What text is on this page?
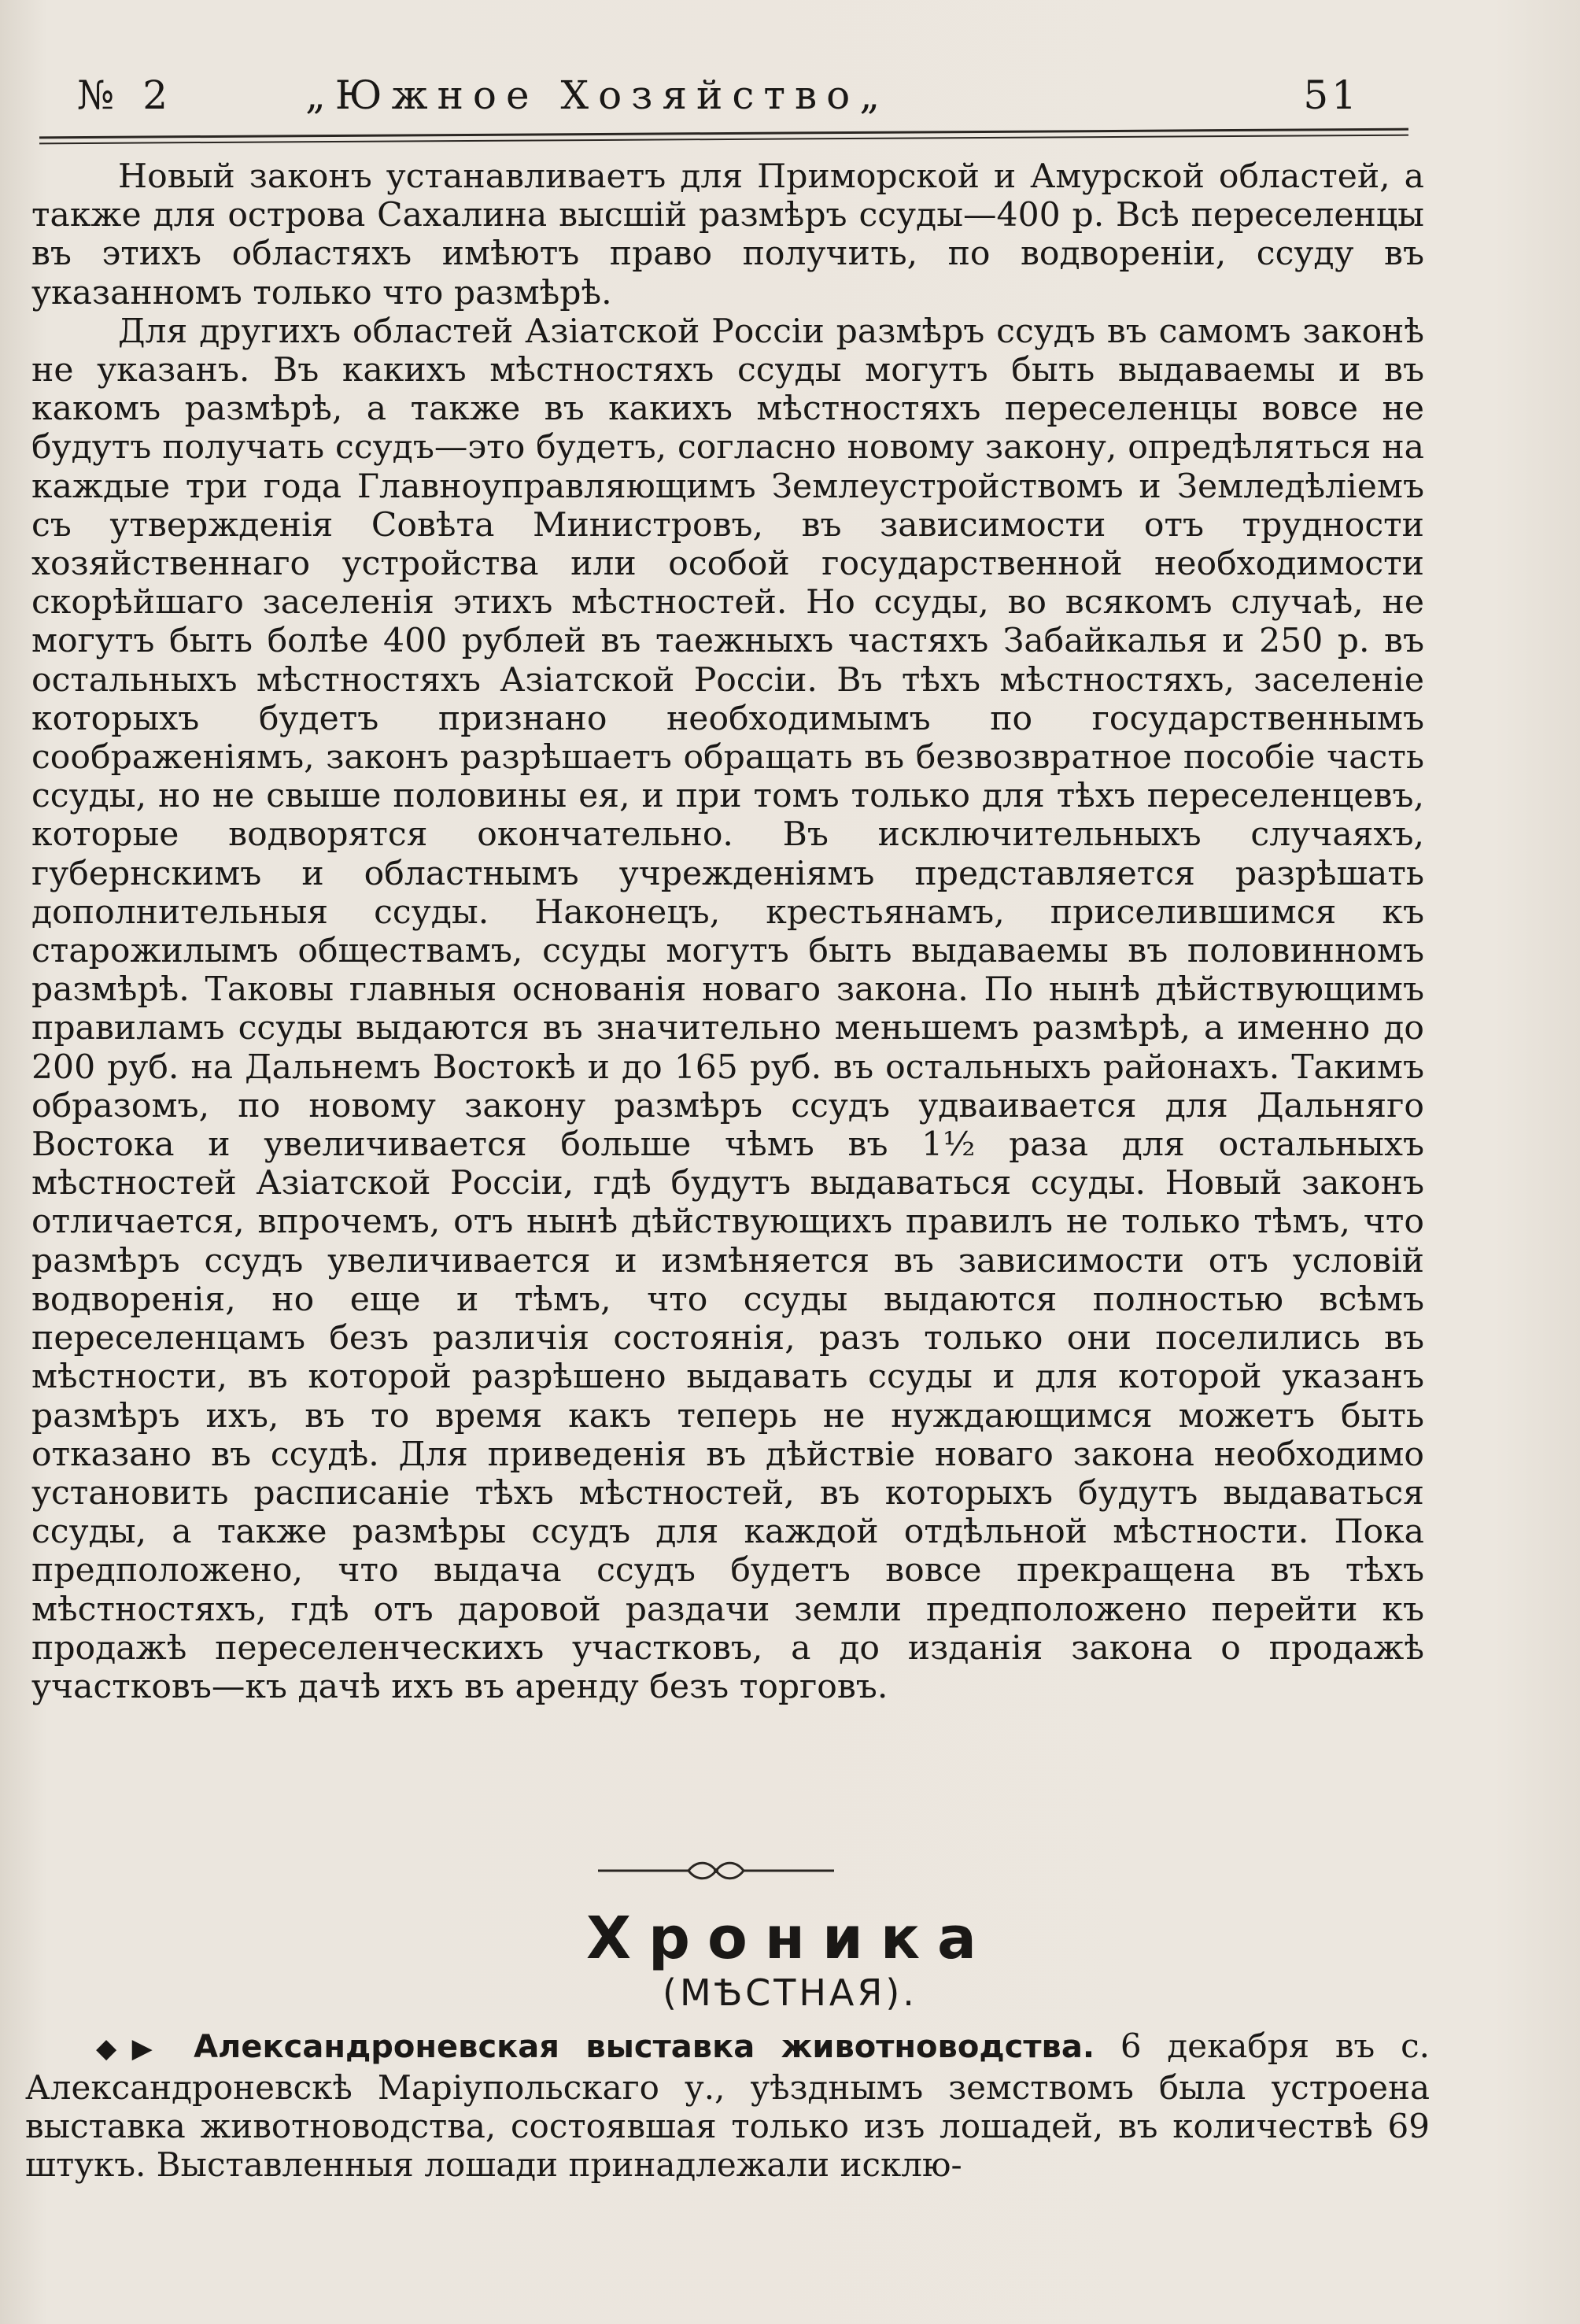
№ 2	„Южное Хозяйство„	51

Новый законъ устанавливаетъ для Приморской и Амурской областей, а также для острова Сахалина высшій размѣръ ссуды—400 р. Всѣ переселенцы въ этихъ областяхъ имѣютъ право получить, по водвореніи, ссуду въ указанномъ только что размѣрѣ.

Для другихъ областей Азіатской Россіи размѣръ ссудъ въ самомъ законѣ не указанъ. Въ какихъ мѣстностяхъ ссуды могутъ быть выдаваемы и въ какомъ размѣрѣ, а также въ какихъ мѣстностяхъ переселенцы вовсе не будутъ получать ссудъ—это будетъ, согласно новому закону, опредѣляться на каждые три года Главноуправляющимъ Землеустройствомъ и Земледѣліемъ съ утвержденія Совѣта Министровъ, въ зависимости отъ трудности хозяйственнаго устройства или особой государственной необходимости скорѣйшаго заселенія этихъ мѣстностей. Но ссуды, во всякомъ случаѣ, не могутъ быть болѣе 400 рублей въ таежныхъ частяхъ Забайкалья и 250 р. въ остальныхъ мѣстностяхъ Азіатской Россіи. Въ тѣхъ мѣстностяхъ, заселеніе которыхъ будетъ признано необходимымъ по государственнымъ соображеніямъ, законъ разрѣшаетъ обращать въ безвозвратное пособіе часть ссуды, но не свыше половины ея, и при томъ только для тѣхъ переселенцевъ, которые водворятся окончательно. Въ исключительныхъ случаяхъ, губернскимъ и областнымъ учрежденіямъ представляется разрѣшать дополнительныя ссуды. Наконецъ, крестьянамъ, приселившимся къ старожилымъ обществамъ, ссуды могутъ быть выдаваемы въ половинномъ размѣрѣ. Таковы главныя основанія новаго закона. По нынѣ дѣйствующимъ правиламъ ссуды выдаются въ значительно меньшемъ размѣрѣ, а именно до 200 руб. на Дальнемъ Востокѣ и до 165 руб. въ остальныхъ районахъ. Такимъ образомъ, по новому закону размѣръ ссудъ удваивается для Дальняго Востока и увеличивается больше чѣмъ въ 1½ раза для остальныхъ мѣстностей Азіатской Россіи, гдѣ будутъ выдаваться ссуды. Новый законъ отличается, впрочемъ, отъ нынѣ дѣйствующихъ правилъ не только тѣмъ, что размѣръ ссудъ увеличивается и измѣняется въ зависимости отъ условій водворенія, но еще и тѣмъ, что ссуды выдаются полностью всѣмъ переселенцамъ безъ различія состоянія, разъ только они поселились въ мѣстности, въ которой разрѣшено выдавать ссуды и для которой указанъ размѣръ ихъ, въ то время какъ теперь не нуждающимся можетъ быть отказано въ ссудѣ. Для приведенія въ дѣйствіе новаго закона необходимо установить расписаніе тѣхъ мѣстностей, въ которыхъ будутъ выдаваться ссуды, а также размѣры ссудъ для каждой отдѣльной мѣстности. Пока предположено, что выдача ссудъ будетъ вовсе прекращена въ тѣхъ мѣстностяхъ, гдѣ отъ даровой раздачи земли предположено перейти къ продажѣ переселенческихъ участковъ, а до изданія закона о продажѣ участковъ—къ дачѣ ихъ въ аренду безъ торговъ.

Хроника
(МѢСТНАЯ).

◆▶ Александроневская выставка животноводства. 6 декабря въ с. Александроневскѣ Маріупольскаго у., уѣзднымъ земствомъ была устроена выставка животноводства, состоявшая только изъ лошадей, въ количествѣ 69 штукъ. Выставленныя лошади принадлежали исклю-
